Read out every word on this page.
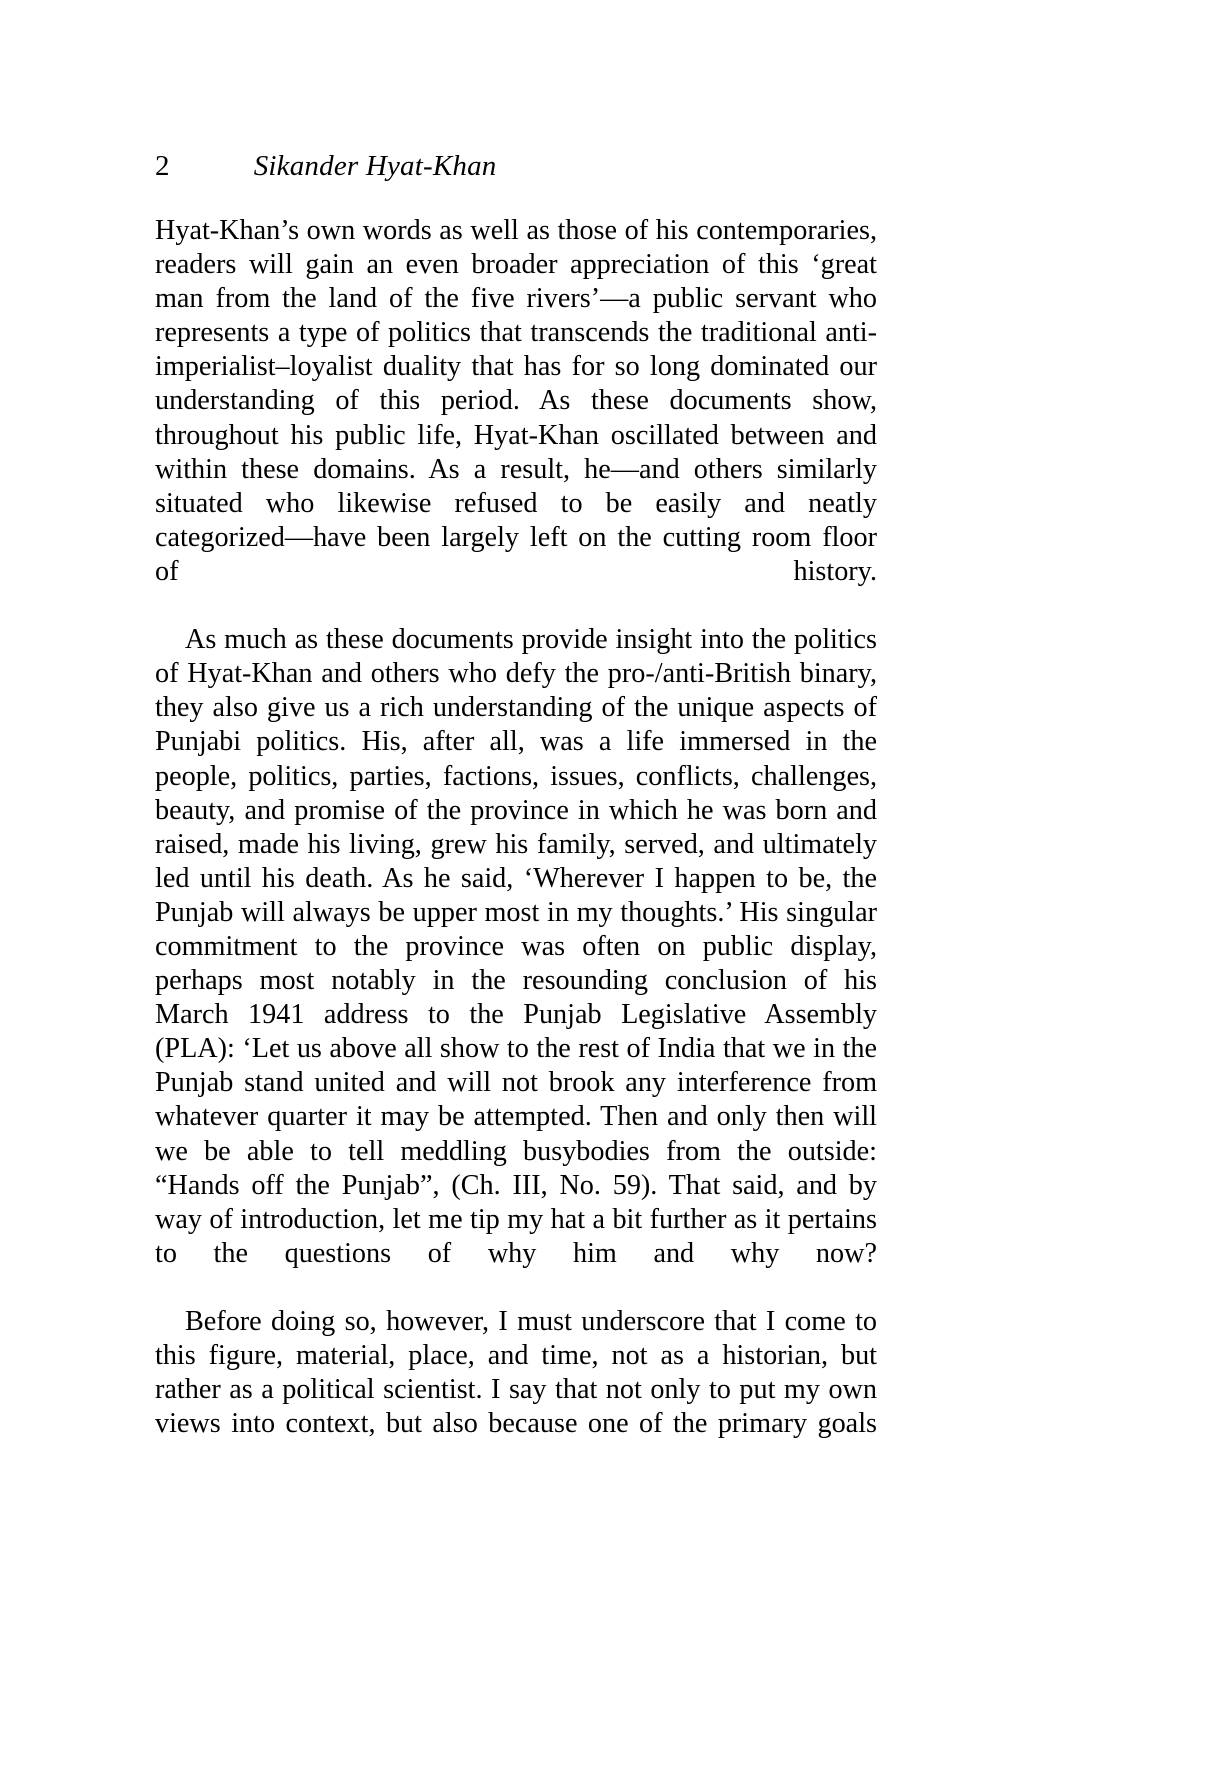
2	Sikander Hyat-Khan

Hyat-Khan’s own words as well as those of his contemporaries, readers will gain an even broader appreciation of this ‘great man from the land of the five rivers’—a public servant who represents a type of politics that transcends the traditional anti-imperialist–loyalist duality that has for so long dominated our understanding of this period. As these documents show, throughout his public life, Hyat-Khan oscillated between and within these domains. As a result, he—and others similarly situated who likewise refused to be easily and neatly categorized—have been largely left on the cutting room floor of history.

As much as these documents provide insight into the politics of Hyat-Khan and others who defy the pro-/anti-British binary, they also give us a rich understanding of the unique aspects of Punjabi politics. His, after all, was a life immersed in the people, politics, parties, factions, issues, conflicts, challenges, beauty, and promise of the province in which he was born and raised, made his living, grew his family, served, and ultimately led until his death. As he said, ‘Wherever I happen to be, the Punjab will always be upper most in my thoughts.’ His singular commitment to the province was often on public display, perhaps most notably in the resounding conclusion of his March 1941 address to the Punjab Legislative Assembly (PLA): ‘Let us above all show to the rest of India that we in the Punjab stand united and will not brook any interference from whatever quarter it may be attempted. Then and only then will we be able to tell meddling busybodies from the outside: “Hands off the Punjab”, (Ch. III, No. 59). That said, and by way of introduction, let me tip my hat a bit further as it pertains to the questions of why him and why now?

Before doing so, however, I must underscore that I come to this figure, material, place, and time, not as a historian, but rather as a political scientist. I say that not only to put my own views into context, but also because one of the primary goals
